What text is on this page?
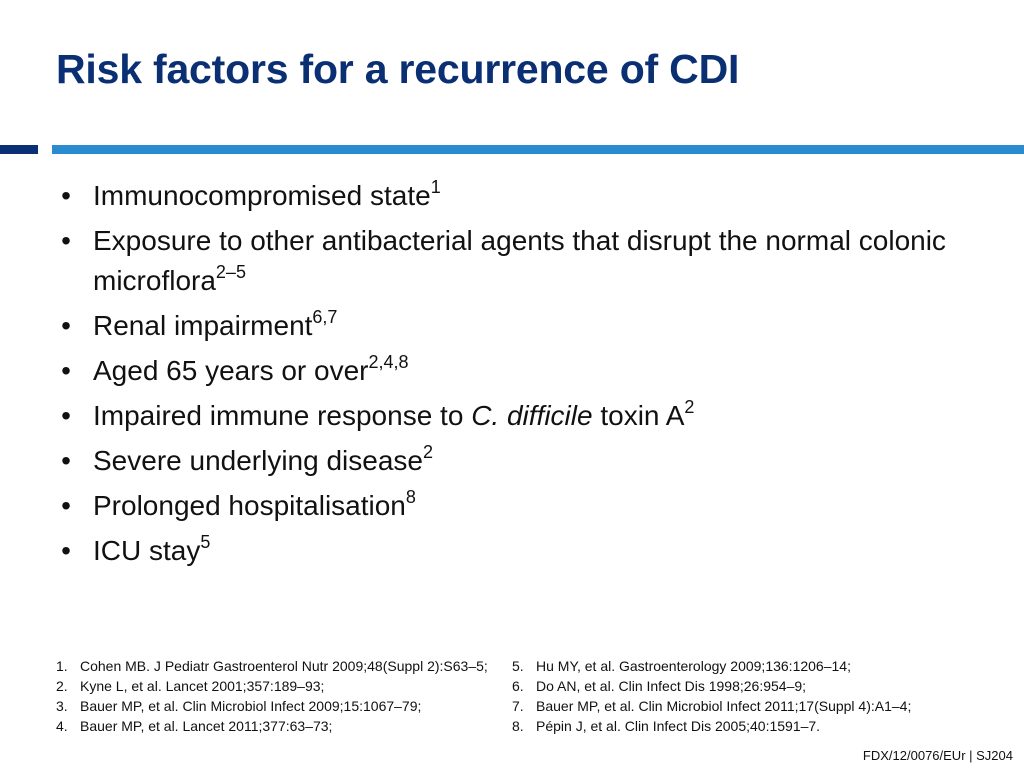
Risk factors for a recurrence of CDI
• Immunocompromised state$^1$
• Exposure to other antibacterial agents that disrupt the normal colonic microflora$^{2-5}$
• Renal impairment$^{6,7}$
• Aged 65 years or over$^{2,4,8}$
• Impaired immune response to C. difficile toxin $A^2$
• Severe underlying disease$^2$
• Prolonged hospitalisation$^8$
• ICU stay$^5$
1. Cohen MB. J Pediatr Gastroenterol Nutr 2009;48(Suppl 2):S63–5;
2. Kyne L, et al. Lancet 2001;357:189–93;
3. Bauer MP, et al. Clin Microbiol Infect 2009;15:1067–79;
4. Bauer MP, et al. Lancet 2011;377:63–73;
5. Hu MY, et al. Gastroenterology 2009;136:1206–14;
6. Do AN, et al. Clin Infect Dis 1998;26:954–9;
7. Bauer MP, et al. Clin Microbiol Infect 2011;17(Suppl 4):A1–4;
8. Pépin J, et al. Clin Infect Dis 2005;40:1591–7.

FDX/12/0076/EUr | SJ204
